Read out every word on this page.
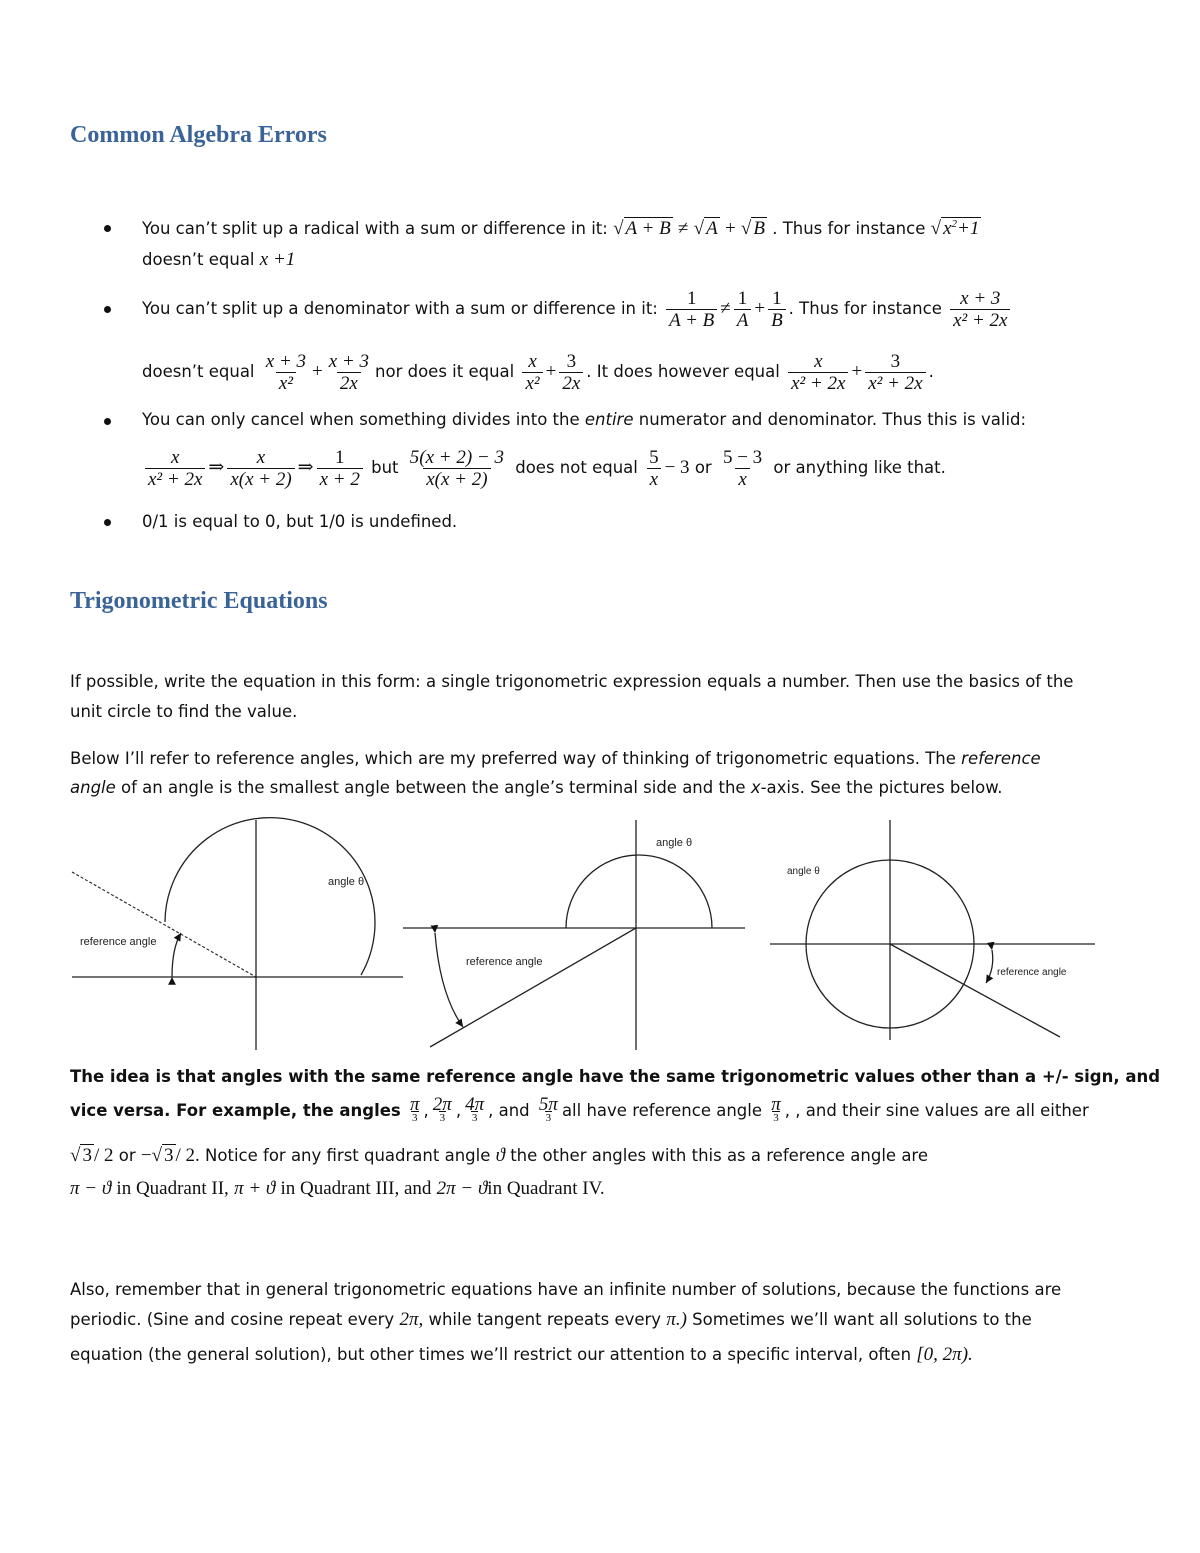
Common Algebra Errors
You can’t split up a radical with a sum or difference in it: √ A + B ≠ √ A + √ B . Thus for instance √ $x^2+1$
doesn’t equal x +1
You can’t split up a denominator with a sum or difference in it: $\frac{1}{A + B} \ne \frac{1}{A} + \frac{1}{B}$ . Thus for instance $\frac{x + 3}{\text{x² + 2x}}$
doesn’t equal $\frac{x + 3}{\text{x²}} + \frac{x + 3}{2x}$ nor does it equal $\frac{x}{\text{x²}} + \frac{3}{2x}$ . It does however equal $\frac{x}{\text{x² + 2x}} + \frac{3}{\text{x² + 2x}}$ .
You can only cancel when something divides into the entire numerator and denominator. Thus this is valid:
$\frac{x}{\text{x² + 2x}}$ ⇒ $\frac{x}{x(x + 2)}$ ⇒ $\frac{1}{x + 2}$ but $\frac{5(x + 2) - 3}{x(x + 2)}$ does not equal $\frac{5}{x} - 3$ or $\frac{5 - 3}{x}$ or anything like that.
0/1 is equal to 0, but 1/0 is undefined.
Trigonometric Equations
If possible, write the equation in this form: a single trigonometric expression equals a number. Then use the basics of the
unit circle to find the value.
Below I’ll refer to reference angles, which are my preferred way of thinking of trigonometric equations. The reference
angle of an angle is the smallest angle between the angle’s terminal side and the x-axis. See the pictures below.
angle θ
reference angle
angle θ
reference angle
angle θ
reference angle
The idea is that angles with the same reference angle have the same trigonometric values other than a +/- sign, and
vice versa. For example, the angles $\frac{\pi}{3}$ , $\frac{2\pi}{3}$ , $\frac{4\pi}{3}$ , and $\frac{5\pi}{3}$ all have reference angle $\frac{\pi}{3}$ , , and their sine values are all either
√ 3 / 2 or −√ 3 / 2. Notice for any first quadrant angle ϑ the other angles with this as a reference angle are
π − ϑ in Quadrant II, π + ϑ in Quadrant III, and 2π − ϑin Quadrant IV.
Also, remember that in general trigonometric equations have an infinite number of solutions, because the functions are
periodic. (Sine and cosine repeat every 2π, while tangent repeats every π.) Sometimes we’ll want all solutions to the
equation (the general solution), but other times we’ll restrict our attention to a specific interval, often [0, 2π).
